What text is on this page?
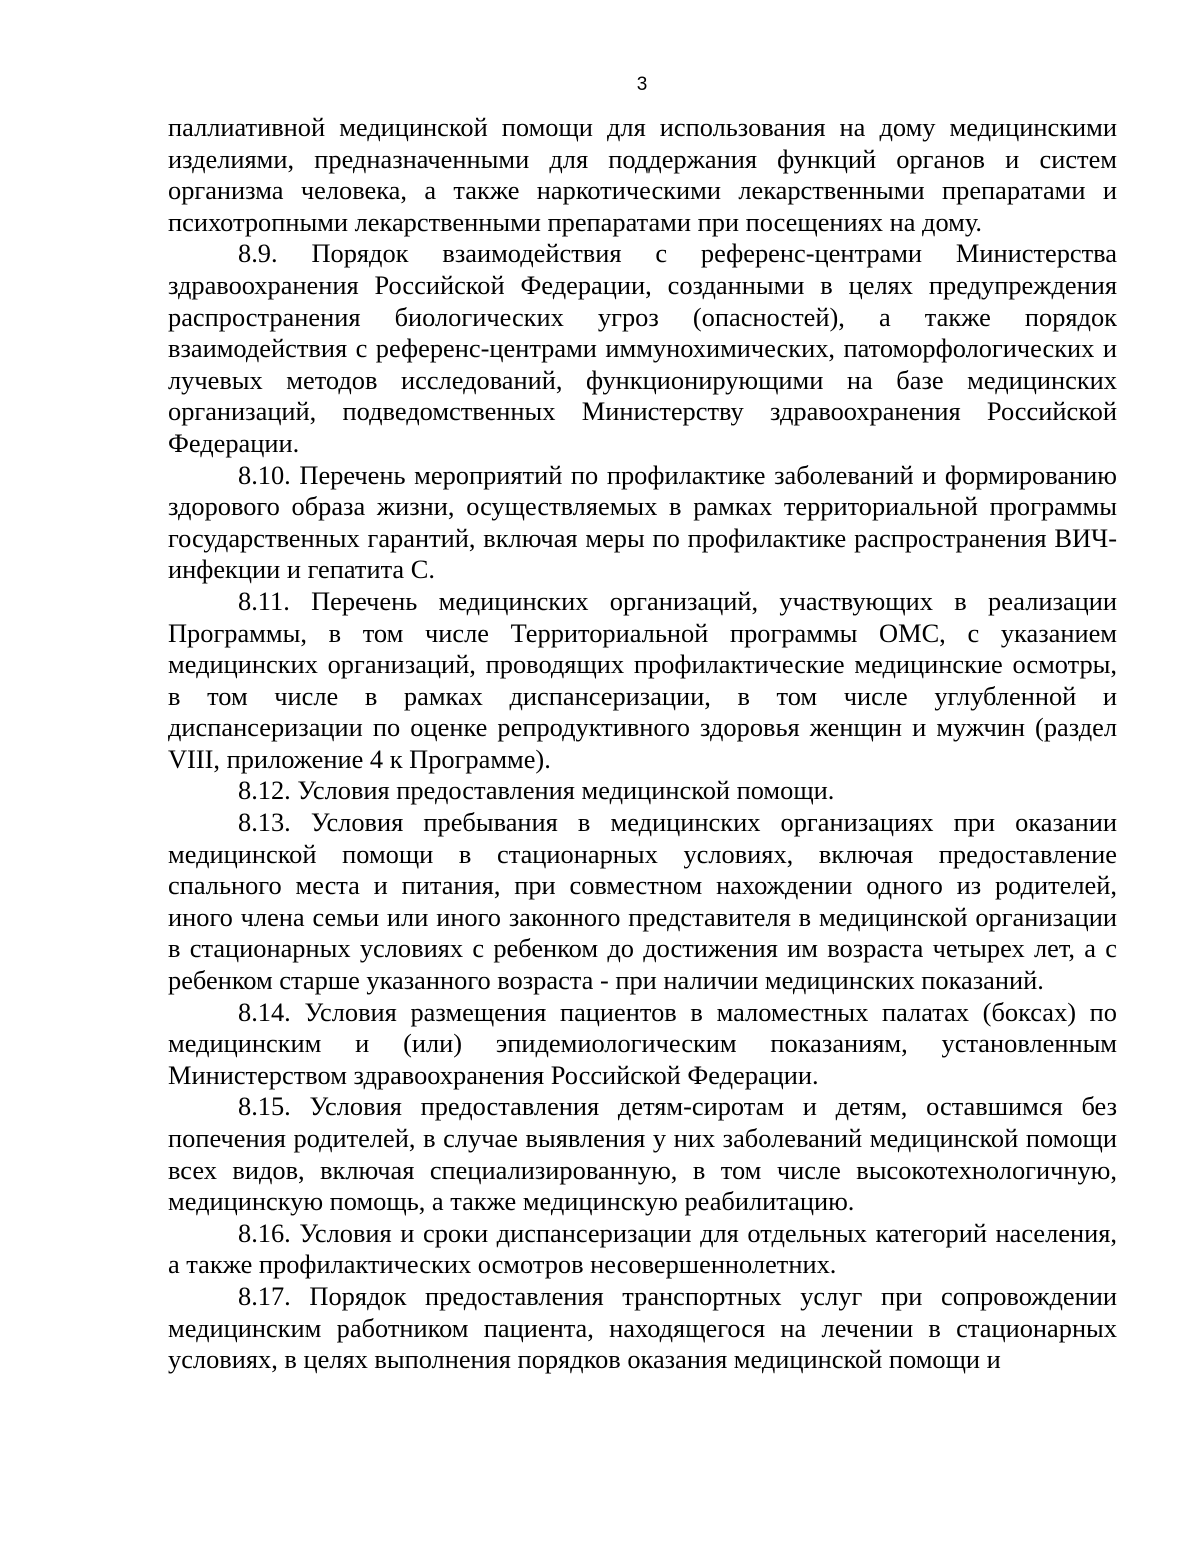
3

паллиативной медицинской помощи для использования на дому медицинскими изделиями, предназначенными для поддержания функций органов и систем организма человека, а также наркотическими лекарственными препаратами и психотропными лекарственными препаратами при посещениях на дому.

8.9. Порядок взаимодействия с референс-центрами Министерства здравоохранения Российской Федерации, созданными в целях предупреждения распространения биологических угроз (опасностей), а также порядок взаимодействия с референс-центрами иммунохимических, патоморфологических и лучевых методов исследований, функционирующими на базе медицинских организаций, подведомственных Министерству здравоохранения Российской Федерации.

8.10. Перечень мероприятий по профилактике заболеваний и формированию здорового образа жизни, осуществляемых в рамках территориальной программы государственных гарантий, включая меры по профилактике распространения ВИЧ- инфекции и гепатита С.

8.11. Перечень медицинских организаций, участвующих в реализации Программы, в том числе Территориальной программы ОМС, с указанием медицинских организаций, проводящих профилактические медицинские осмотры, в том числе в рамках диспансеризации, в том числе углубленной и диспансеризации по оценке репродуктивного здоровья женщин и мужчин (раздел VIII, приложение 4 к Программе).

8.12. Условия предоставления медицинской помощи.

8.13. Условия пребывания в медицинских организациях при оказании медицинской помощи в стационарных условиях, включая предоставление спального места и питания, при совместном нахождении одного из родителей, иного члена семьи или иного законного представителя в медицинской организации в стационарных условиях с ребенком до достижения им возраста четырех лет, а с ребенком старше указанного возраста - при наличии медицинских показаний.

8.14. Условия размещения пациентов в маломестных палатах (боксах) по медицинским и (или) эпидемиологическим показаниям, установленным Министерством здравоохранения Российской Федерации.

8.15. Условия предоставления детям-сиротам и детям, оставшимся без попечения родителей, в случае выявления у них заболеваний медицинской помощи всех видов, включая специализированную, в том числе высокотехнологичную, медицинскую помощь, а также медицинскую реабилитацию.

8.16. Условия и сроки диспансеризации для отдельных категорий населения, а также профилактических осмотров несовершеннолетних.

8.17. Порядок предоставления транспортных услуг при сопровождении медицинским работником пациента, находящегося на лечении в стационарных условиях, в целях выполнения порядков оказания медицинской помощи и
